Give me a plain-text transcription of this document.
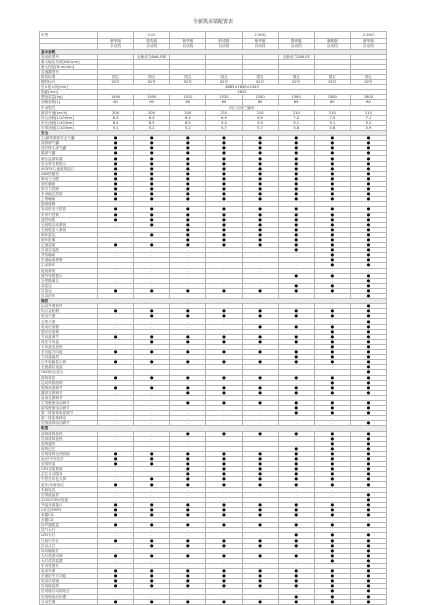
全新凯美瑞配置表
车型		2.0L			2.5HQ			2.5HG
	豪华版	领先版	豪华版	舒适版	豪华版	尊贵版	旗舰版	豪华版
	手动挡	自动挡	自动挡	自动挡	自动挡	自动挡	自动挡	自动挡
基本参数								
发动机型号		全新动力6AR-FSE				全新动力2AR-FE		
最大输出功率[kW/rpm]								
最大扭矩[N·m/rpm]								
变速器型号								
排放标准	国五	国五	国五	国五	国五	国五	国五	国五
燃料标号	92号	92号	92号	92号	92号	92号	92号	92号
长×宽×高[mm]	4885×1840×1455							
轴距[mm]	2825							
整备质量[kg]	1490	1500	1510	1530	1550	1560	1580	1600
油箱容积[L]	60	60	60	60	60	60	60	60
车身型式	四门五座三厢车							
最高车速[km/h]	200	200	200	210	210	210	210	210
综合油耗[L/100km]	6.3	6.4	6.4	6.9	6.9	7.0	7.0	7.1
市区油耗[L/100km]	8.4	8.5	8.5	9.0	9.0	9.1	9.1	9.2
市郊油耗[L/100km]	5.1	5.2	5.2	5.7	5.7	5.8	5.8	5.9
安全								
主/副驾驶座安全气囊	●	●	●	●	●	●	●	●
前排侧气囊	●	●	●	●	●	●	●	●
前后排头部气囊	●	●	●	●	●	●	●	●
膝部气囊	●	●	●	●	●	●	●	●
胎压监测装置	●	●	●	●	●	●	●	●
安全带未系提示	●	●	●	●	●	●	●	●
ISOFIX儿童座椅接口	●	●	●	●	●	●	●	●
ABS防抱死	●	●	●	●	●	●	●	●
制动力分配	●	●	●	●	●	●	●	●
刹车辅助	●	●	●	●	●	●	●	●
牵引力控制	●	●	●	●	●	●	●	●
车身稳定控制	●	●	●	●	●	●	●	●
上坡辅助	●	●	●	●	●	●	●	●
陡坡缓降	-	-	-	-	-	-	-	-
发动机电子防盗	●	●	●	●	●	●	●	●
车内中控锁	●	●	●	●	●	●	●	●
遥控钥匙	●	●	●	●	●	●	●	●
无钥匙启动系统	-	●	●	●	●	●	●	●
无钥匙进入系统	-	-	●	●	●	●	●	●
倒车雷达	-	●	●	●	●	●	●	●
倒车影像	-	-	●	●	●	●	●	●
定速巡航	●	●	●	●	●	●	●	●
自适应巡航	-	-	-	-	-	●	●	●
并线辅助	-	-	-	-	-	-	●	●
车道偏离预警	-	-	-	-	-	-	●	●
主动刹车	-	-	-	-	-	-	●	●
夜视系统	-	-	-	-	-	-	-	-
疲劳驾驶提示	-	-	-	-	-	●	●	●
全景摄像头	-	-	-	-	-	-	-	●
前雷达	-	-	-	-	-	●	●	●
后雷达	●	●	●	●	●	●	●	●
自动泊车	-	-	-	-	-	-	-	●
操控								
运动外观套件	-	-	-	-	-	-	-	●
铝合金轮毂	●	●	●	●	●	●	●	●
电动天窗	-	●	●	●	●	●	●	●
全景天窗	-	-	-	-	-	-	-	●
电动后备箱	-	-	-	-	●	●	●	●
感应后备箱	-	-	-	-	-	-	●	●
方向盘调节	●	●	●	●	●	●	●	●
真皮方向盘	-	●	●	●	●	●	●	●
方向盘电加热	-	-	-	-	-	-	●	●
多功能方向盘	●	●	●	●	●	●	●	●
方向盘换挡	-	-	-	-	-	●	●	●
行车电脑显示屏	●	●	●	●	●	●	●	●
全液晶仪表盘	-	-	-	-	-	-	-	●
HUD抬头显示	-	-	-	-	-	-	-	●
座椅材质	●	●	●	●	●	●	●	●
运动风格座椅	-	-	-	-	-	-	●	●
座椅高低调节	●	●	●	●	●	●	●	●
腰部支撑调节	-	-	●	●	●	●	●	●
肩部支撑调节	-	-	-	-	-	-	-	-
主驾驶座电动调节	-	-	●	●	●	●	●	●
副驾驶座电动调节	-	-	-	-	-	●	●	●
第二排靠背角度调节	-	-	-	-	-	●	●	●
第二排座椅移动	-	-	-	-	-	-	-	-
后排座椅电动调节	-	-	-	-	-	-	-	●
配置								
前排座椅加热	-	-	●	●	●	●	●	●
后排座椅加热	-	-	-	-	-	-	●	●
座椅通风	-	-	-	-	-	-	●	●
座椅记忆	-	-	-	-	-	●	●	●
后排座椅比例放倒	●	●	●	●	●	●	●	●
前/后中央扶手	●	●	●	●	●	●	●	●
后排杯架	●	●	●	●	●	●	●	●
GPS导航系统	-	-	●	●	●	●	●	●
定位互动服务	-	-	●	●	●	●	●	●
中控台彩色大屏	-	●	●	●	●	●	●	●
蓝牙/车载电话	●	●	●	●	●	●	●	●
车载电视	-	-	-	-	-	-	-	-
后排液晶屏	-	-	-	-	-	-	-	●
220V/230V电源	-	-	-	-	-	-	-	●
外接音源接口	●	●	●	●	●	●	●	●
CD支持MP3	●	●	●	●	●	●	●	●
单碟CD	●	●	●	●	●	●	●	●
多碟CD	-	-	-	-	-	-	-	-
扬声器数量	●	●	●	●	●	●	●	●
氙气大灯	-	-	-	-	-	-	-	-
LED大灯	-	-	-	-	-	●	●	●
日间行车灯	●	●	●	●	●	●	●	●
自动头灯	-	●	●	●	●	●	●	●
转向辅助灯	-	-	-	-	-	-	●	●
大灯高度可调	●	●	●	●	●	●	●	●
大灯清洗装置	-	-	-	-	-	-	●	●
车内氛围灯	-	-	-	-	-	-	-	●
电动车窗	●	●	●	●	●	●	●	●
车窗防夹手功能	●	●	●	●	●	●	●	●
电动后视镜	●	●	●	●	●	●	●	●
后视镜加热	●	●	●	●	●	●	●	●
后视镜自动防眩目	-	-	-	-	-	-	●	●
后视镜电动折叠	-	-	-	-	-	●	●	●
自动空调	●	●	●	●	●	●	●	●
